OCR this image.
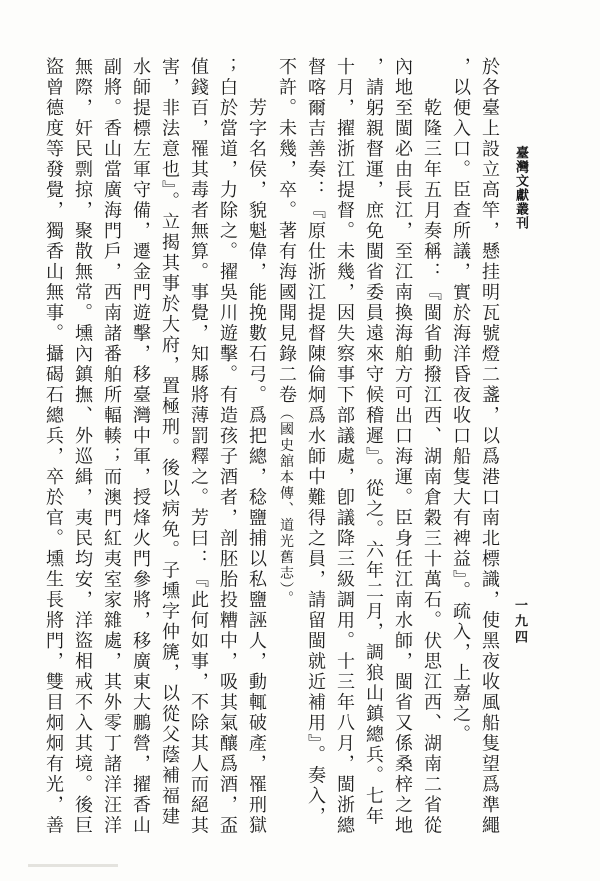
臺灣文獻叢刊
一九四

於各臺上設立高竿，懸挂明瓦號燈二盞，以爲港口南北標識，使黑夜收風船隻望爲準繩，以便入口。臣查所議，實於海洋昏夜收口船隻大有裨益』。疏入，上嘉之。

乾隆三年五月奏稱：『閩省動撥江西、湖南倉穀三十萬石。伏思江西、湖南二省從內地至閩必由長江，至江南換海舶方可出口海運。臣身任江南水師，閩省又係桑梓之地，請躬親督運，庶免閩省委員遠來守候稽遲』。從之。六年二月，調狼山鎮總兵。七年十月，擢浙江提督。未幾，因失察事下部議處，卽議降三級調用。十三年八月，閩浙總督喀爾吉善奏：『原仕浙江提督陳倫炯爲水師中難得之員，請留閩就近補用』。奏入，不許。未幾，卒。著有海國聞見錄二卷（國史舘本傳、道光舊志）。

芳字名侯，貌魁偉，能挽數石弓。爲把總，稔鹽捕以私鹽誣人，動輒破產，罹刑獄；白於當道，力除之。擢吳川遊擊。有造孩子酒者，剖胚胎投糟中，吸其氣釀爲酒，盃值錢百，罹其毒者無算。事覺，知縣將薄罰釋之。芳曰：『此何如事，不除其人而絕其害，非法意也』。立揭其事於大府，置極刑。後以病免。子壎字仲篪，以從父蔭補福建水師提標左軍守備，遷金門遊擊，移臺灣中軍，授烽火門參將，移廣東大鵬營，擢香山副將。香山當廣海門戶，西南諸番舶所輻輳；而澳門紅夷室家雜處，其外零丁諸洋汪洋無際，奸民剽掠，聚散無常。壎內鎮撫、外巡緝，夷民均安，洋盜相戒不入其境。後巨盜曾德度等發覺，獨香山無事。攝碣石總兵，卒於官。壎生長將門，雙目炯炯有光，善
